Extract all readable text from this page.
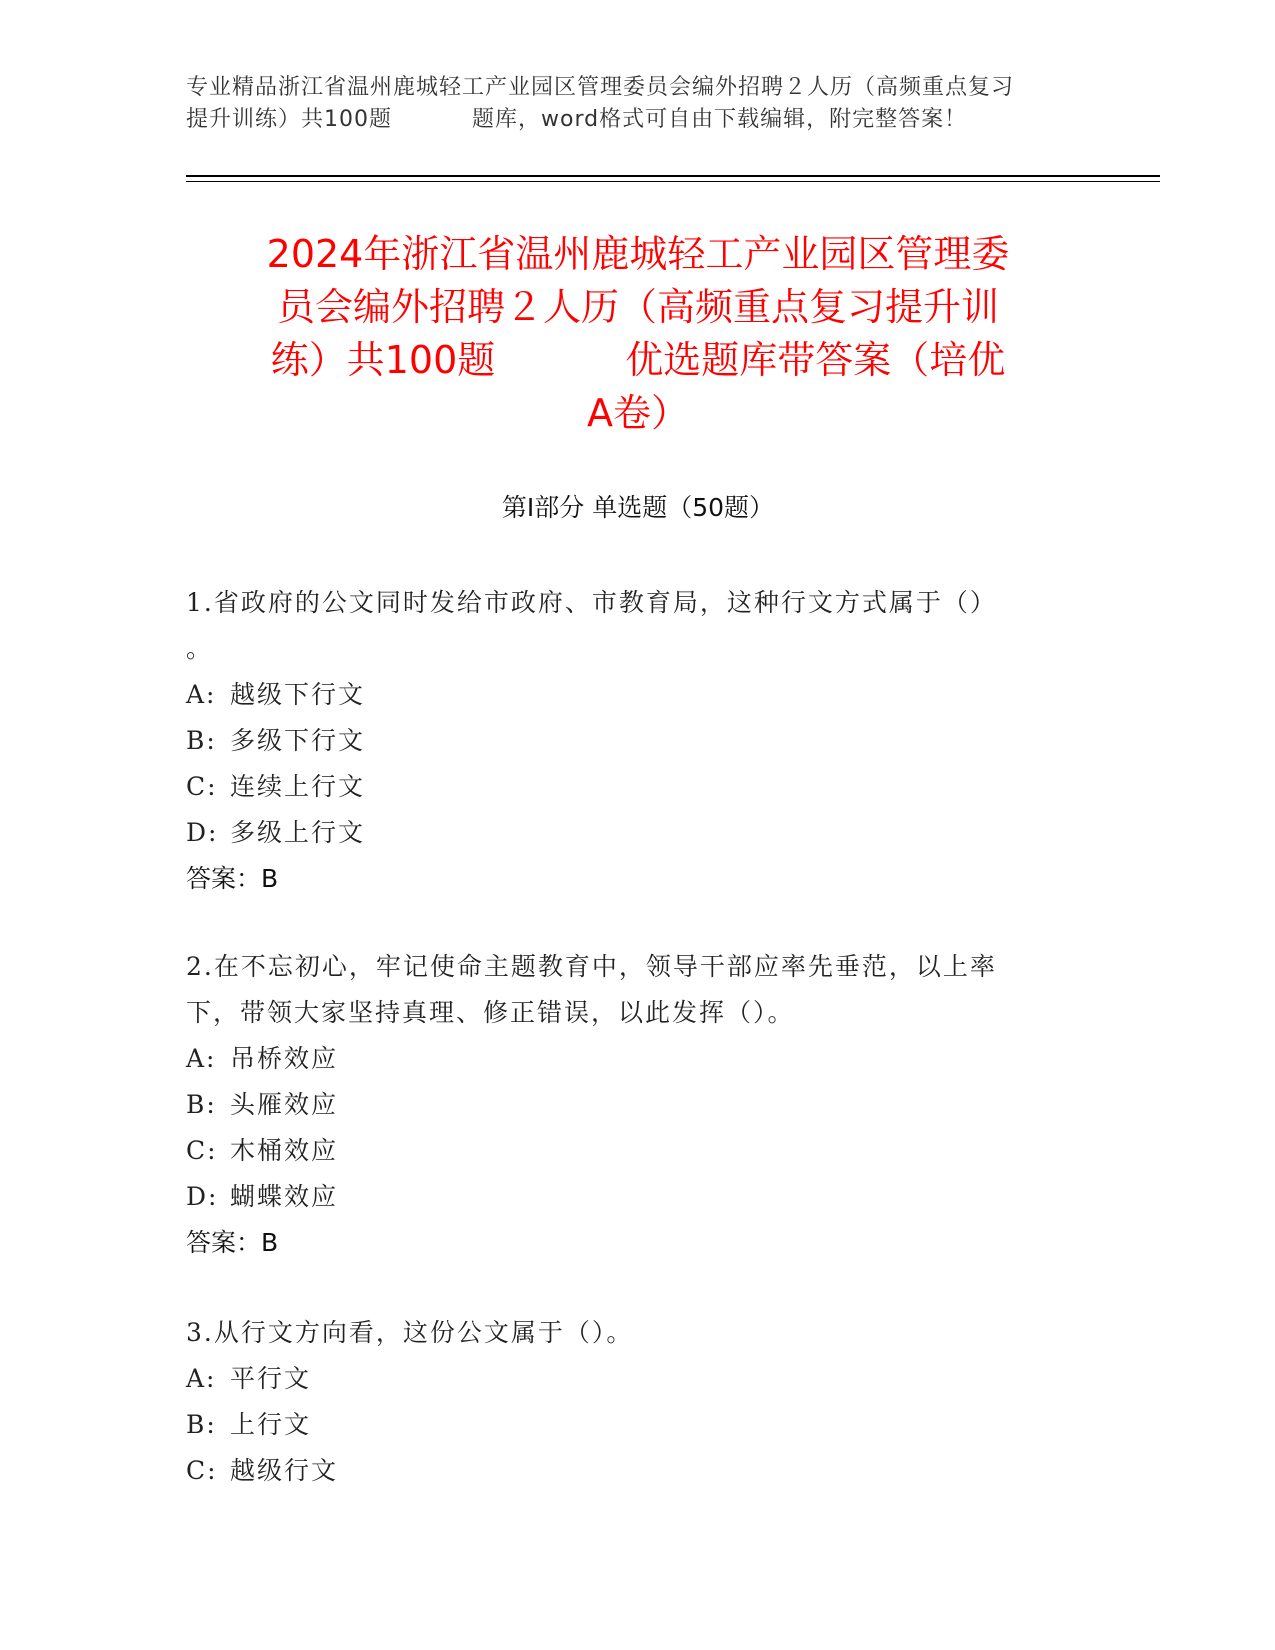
专业精品浙江省温州鹿城轻工产业园区管理委员会编外招聘２人历（高频重点复习
提升训练）共100题	题库，word格式可自由下载编辑，附完整答案！
2024年浙江省温州鹿城轻工产业园区管理委
员会编外招聘２人历（高频重点复习提升训
练）共100题	优选题库带答案（培优
A卷）
第I部分 单选题（50题）

1.省政府的公文同时发给市政府、市教育局，这种行文方式属于（）

。

A: 越级下行文

B: 多级下行文

C: 连续上行文

D: 多级上行文

答案：B

2.在不忘初心，牢记使命主题教育中，领导干部应率先垂范，以上率

下，带领大家坚持真理、修正错误，以此发挥（）。

A: 吊桥效应

B: 头雁效应

C: 木桶效应

D: 蝴蝶效应

答案：B

3.从行文方向看，这份公文属于（）。

A: 平行文

B: 上行文

C: 越级行文
